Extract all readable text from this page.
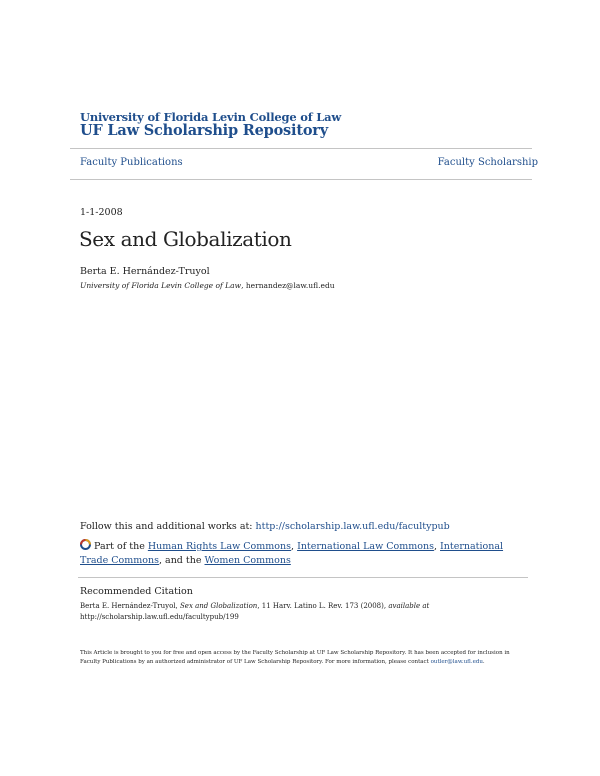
University of Florida Levin College of Law
UF Law Scholarship Repository
Faculty Publications	Faculty Scholarship
1-1-2008
Sex and Globalization
Berta E. Hernández-Truyol
University of Florida Levin College of Law, hernandez@law.ufl.edu
Follow this and additional works at: http://scholarship.law.ufl.edu/facultypub
Part of the Human Rights Law Commons, International Law Commons, International Trade Commons, and the Women Commons
Recommended Citation
Berta E. Hernández-Truyol, Sex and Globalization, 11 Harv. Latino L. Rev. 173 (2008), available at http://scholarship.law.ufl.edu/facultypub/199
This Article is brought to you for free and open access by the Faculty Scholarship at UF Law Scholarship Repository. It has been accepted for inclusion in Faculty Publications by an authorized administrator of UF Law Scholarship Repository. For more information, please contact outler@law.ufl.edu.
